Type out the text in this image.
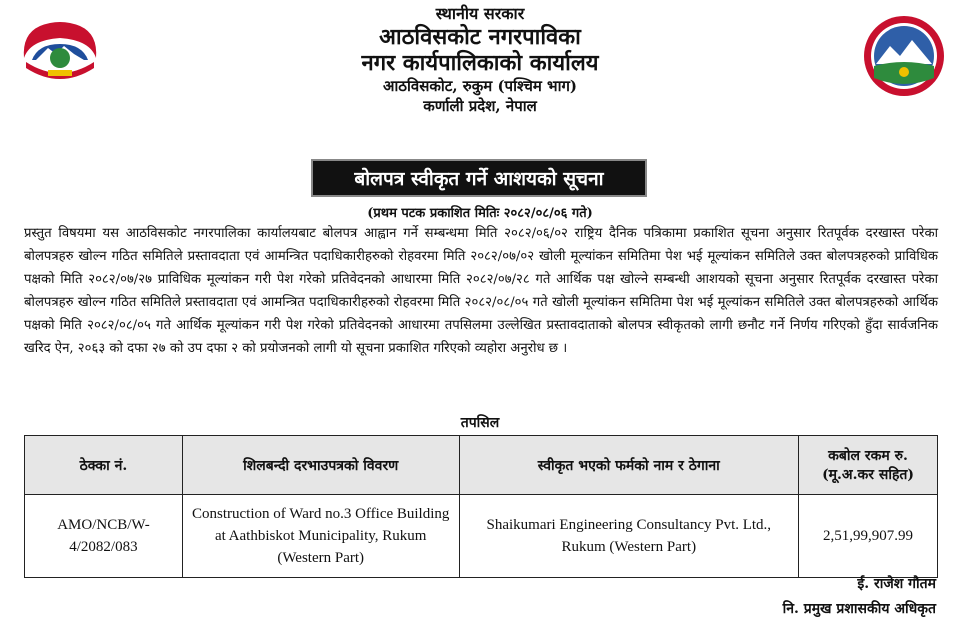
स्थानीय सरकार
आठविसकोट नगरपाविका
नगर कार्यपालिकाको कार्यालय
आठविसकोट, रुकुम (पश्चिम भाग)
कर्णाली प्रदेश, नेपाल
बोलपत्र स्वीकृत गर्ने आशयको सूचना
(प्रथम पटक प्रकाशित मितिः २०८२/०८/०६ गते)
प्रस्तुत विषयमा यस आठविसकोट नगरपालिका कार्यालयबाट बोलपत्र आह्वान गर्ने सम्बन्धमा मिति २०८२/०६/०२ राष्ट्रिय दैनिक पत्रिकामा प्रकाशित सूचना अनुसार रितपूर्वक दरखास्त परेका बोलपत्रहरु खोल्न गठित समितिले प्रस्तावदाता एवं आमन्त्रित पदाधिकारीहरुको रोहवरमा मिति २०८२/०७/०२ खोली मूल्यांकन समितिमा पेश भई मूल्यांकन समितिले उक्त बोलपत्रहरुको प्राविधिक पक्षको मिति २०८२/०७/२७ प्राविधिक मूल्यांकन गरी पेश गरेको प्रतिवेदनको आधारमा मिति २०८२/०७/२८ गते आर्थिक पक्ष खोल्ने सम्बन्धी आशयको सूचना अनुसार रितपूर्वक दरखास्त परेका बोलपत्रहरु खोल्न गठित समितिले प्रस्तावदाता एवं आमन्त्रित पदाधिकारीहरुको रोहवरमा मिति २०८२/०८/०५ गते खोली मूल्यांकन समितिमा पेश भई मूल्यांकन समितिले उक्त बोलपत्रहरुको आर्थिक पक्षको मिति २०८२/०८/०५ गते आर्थिक मूल्यांकन गरी पेश गरेको प्रतिवेदनको आधारमा तपसिलमा उल्लेखित प्रस्तावदाताको बोलपत्र स्वीकृतको लागी छनौट गर्ने निर्णय गरिएको हुँदा सार्वजनिक खरिद ऐन, २०६३ को दफा २७ को उप दफा २ को प्रयोजनको लागी यो सूचना प्रकाशित गरिएको व्यहोरा अनुरोध छ ।
तपसिल
ठेक्का नं.	शिलबन्दी दरभाउपत्रको विवरण	स्वीकृत भएको फर्मको नाम र ठेगाना	कबोल रकम रु. (मू.अ.कर सहित)
AMO/NCB/W-4/2082/083	Construction of Ward no.3 Office Building at Aathbiskot Municipality, Rukum (Western Part)	Shaikumari Engineering Consultancy Pvt. Ltd., Rukum (Western Part)	2,51,99,907.99
ई. राजेश गौतम
नि. प्रमुख प्रशासकीय अधिकृत
